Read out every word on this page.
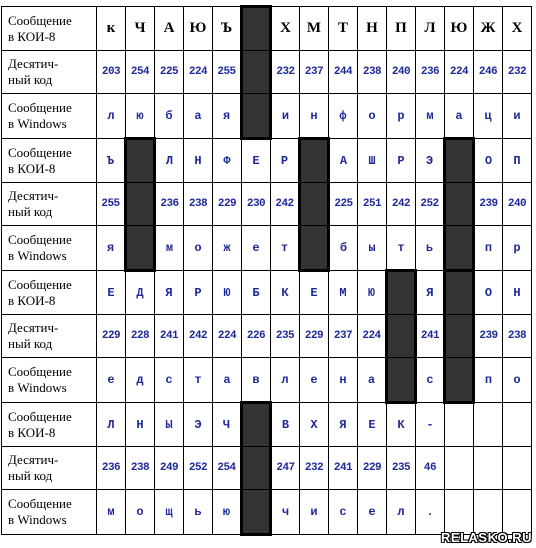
Сообщение
в КОИ-8	к	Ч	А	Ю	Ъ		Х	М	Т	Н	П	Л	Ю	Ж	Х
Десятич-
ный код	203	254	225	224	255		232	237	244	238	240	236	224	246	232
Сообщение
в Windows	л	ю	б	а	я		и	н	ф	о	р	м	а	ц	и
Сообщение
в КОИ-8	Ъ		Л	Н	Ф	Е	Р		А	Ш	Р	Э		О	П
Десятич-
ный код	255		236	238	229	230	242		225	251	242	252		239	240
Сообщение
в Windows	я		м	о	ж	е	т		б	ы	т	ь		п	р
Сообщение
в КОИ-8	Е	Д	Я	Р	Ю	Б	К	Е	М	Ю		Я		О	Н
Десятич-
ный код	229	228	241	242	224	226	235	229	237	224		241		239	238
Сообщение
в Windows	е	д	с	т	а	в	л	е	н	а		с		п	о
Сообщение
в КОИ-8	Л	Н	Ы	Э	Ч		В	Х	Я	Е	К	-			
Десятич-
ный код	236	238	249	252	254		247	232	241	229	235	46			
Сообщение
в Windows	м	о	щ	ь	ю		ч	и	с	е	л	.			
RELASKO.RU
